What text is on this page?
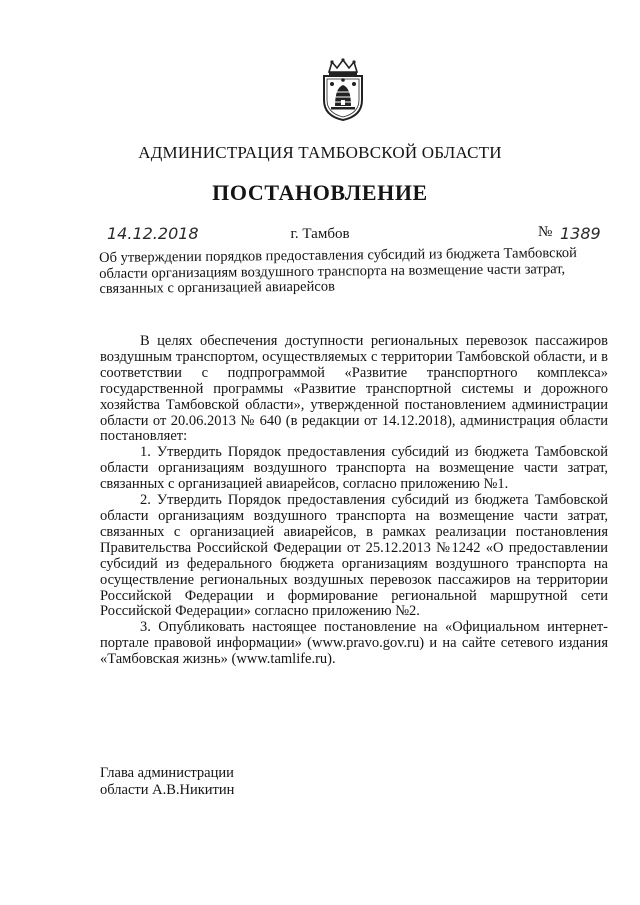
АДМИНИСТРАЦИЯ ТАМБОВСКОЙ ОБЛАСТИ
ПОСТАНОВЛЕНИЕ
14.12.2018	г. Тамбов	№ 1389
Об утверждении порядков предоставления субсидий из бюджета Тамбовской области организациям воздушного транспорта на возмещение части затрат, связанных с организацией авиарейсов

В целях обеспечения доступности региональных перевозок пассажиров воздушным транспортом, осуществляемых с территории Тамбовской области, и в соответствии с подпрограммой «Развитие транспортного комплекса» государственной программы «Развитие транспортной системы и дорожного хозяйства Тамбовской области», утвержденной постановлением администрации области от 20.06.2013 № 640 (в редакции от 14.12.2018), администрация области постановляет:

1. Утвердить Порядок предоставления субсидий из бюджета Тамбовской области организациям воздушного транспорта на возмещение части затрат, связанных с организацией авиарейсов, согласно приложению №1.

2. Утвердить Порядок предоставления субсидий из бюджета Тамбовской области организациям воздушного транспорта на возмещение части затрат, связанных с организацией авиарейсов, в рамках реализации постановления Правительства Российской Федерации от 25.12.2013 №1242 «О предоставлении субсидий из федерального бюджета организациям воздушного транспорта на осуществление региональных воздушных перевозок пассажиров на территории Российской Федерации и формирование региональной маршрутной сети Российской Федерации» согласно приложению №2.

3. Опубликовать настоящее постановление на «Официальном интернет-портале правовой информации» (www.pravo.gov.ru) и на сайте сетевого издания «Тамбовская жизнь» (www.tamlife.ru).

Глава администрации
области А.В.Никитин
